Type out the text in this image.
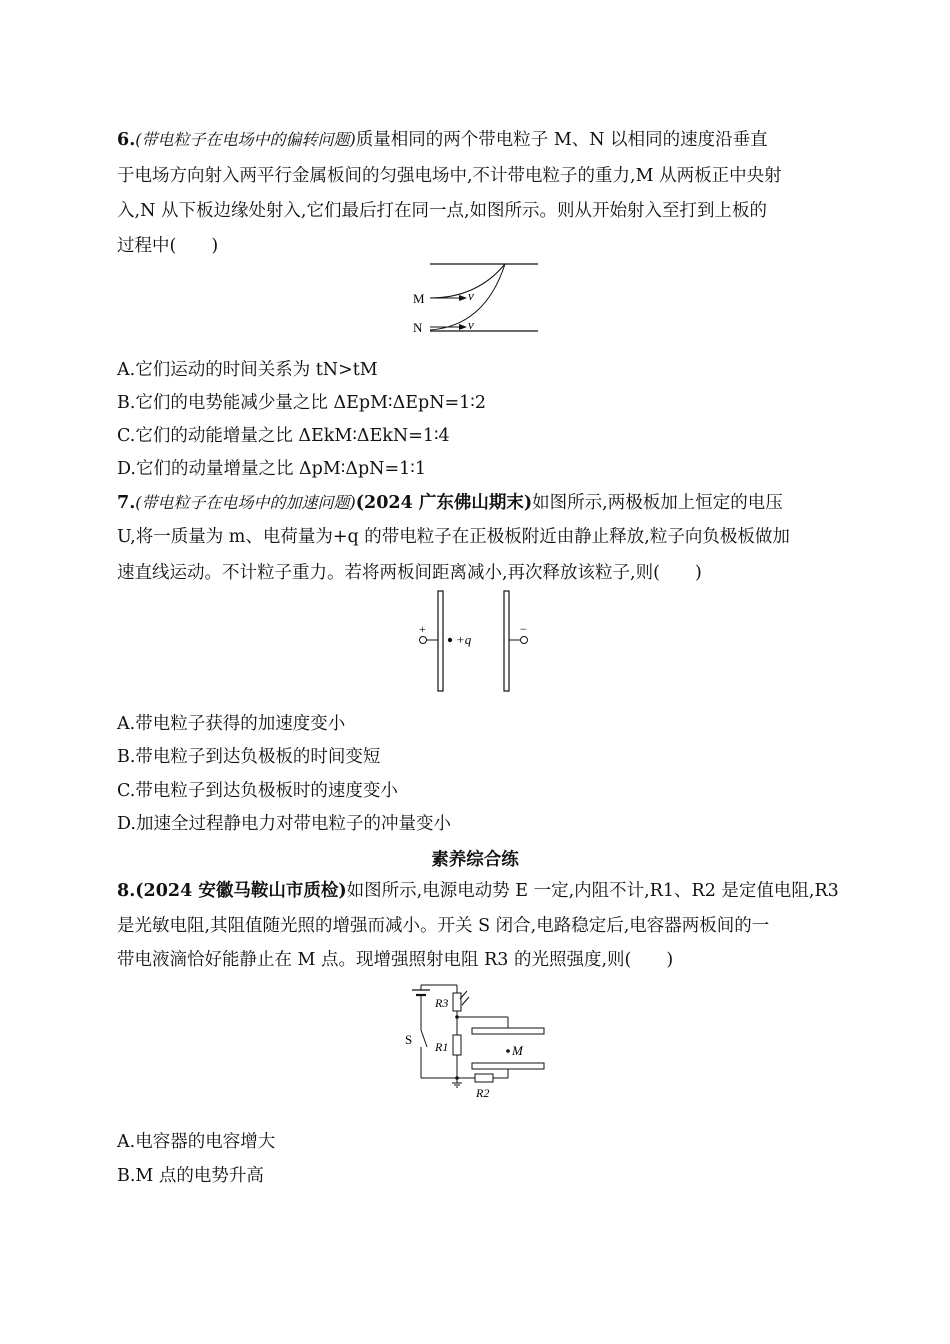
6.(带电粒子在电场中的偏转问题)质量相同的两个带电粒子 M、N 以相同的速度沿垂直
于电场方向射入两平行金属板间的匀强电场中,不计带电粒子的重力,M 从两板正中央射
入,N 从下板边缘处射入,它们最后打在同一点,如图所示。则从开始射入至打到上板的
过程中(　　)
M
N
v
v
A.它们运动的时间关系为 tN>tM
B.它们的电势能减少量之比 ΔEpM∶ΔEpN=1∶2
C.它们的动能增量之比 ΔEkM∶ΔEkN=1∶4
D.它们的动量增量之比 ΔpM∶ΔpN=1∶1
7.(带电粒子在电场中的加速问题)(2024 广东佛山期末)如图所示,两极板加上恒定的电压
U,将一质量为 m、电荷量为+q 的带电粒子在正极板附近由静止释放,粒子向负极板做加
速直线运动。不计粒子重力。若将两板间距离减小,再次释放该粒子,则(　　)
+	−
+q
A.带电粒子获得的加速度变小
B.带电粒子到达负极板的时间变短
C.带电粒子到达负极板时的速度变小
D.加速全过程静电力对带电粒子的冲量变小
素养综合练
8.(2024 安徽马鞍山市质检)如图所示,电源电动势 E 一定,内阻不计,R1、R2 是定值电阻,R3
是光敏电阻,其阻值随光照的增强而减小。开关 S 闭合,电路稳定后,电容器两板间的一
带电液滴恰好能静止在 M 点。现增强照射电阻 R3 的光照强度,则(　　)
S
R3
R1
R2
M
A.电容器的电容增大
B.M 点的电势升高
